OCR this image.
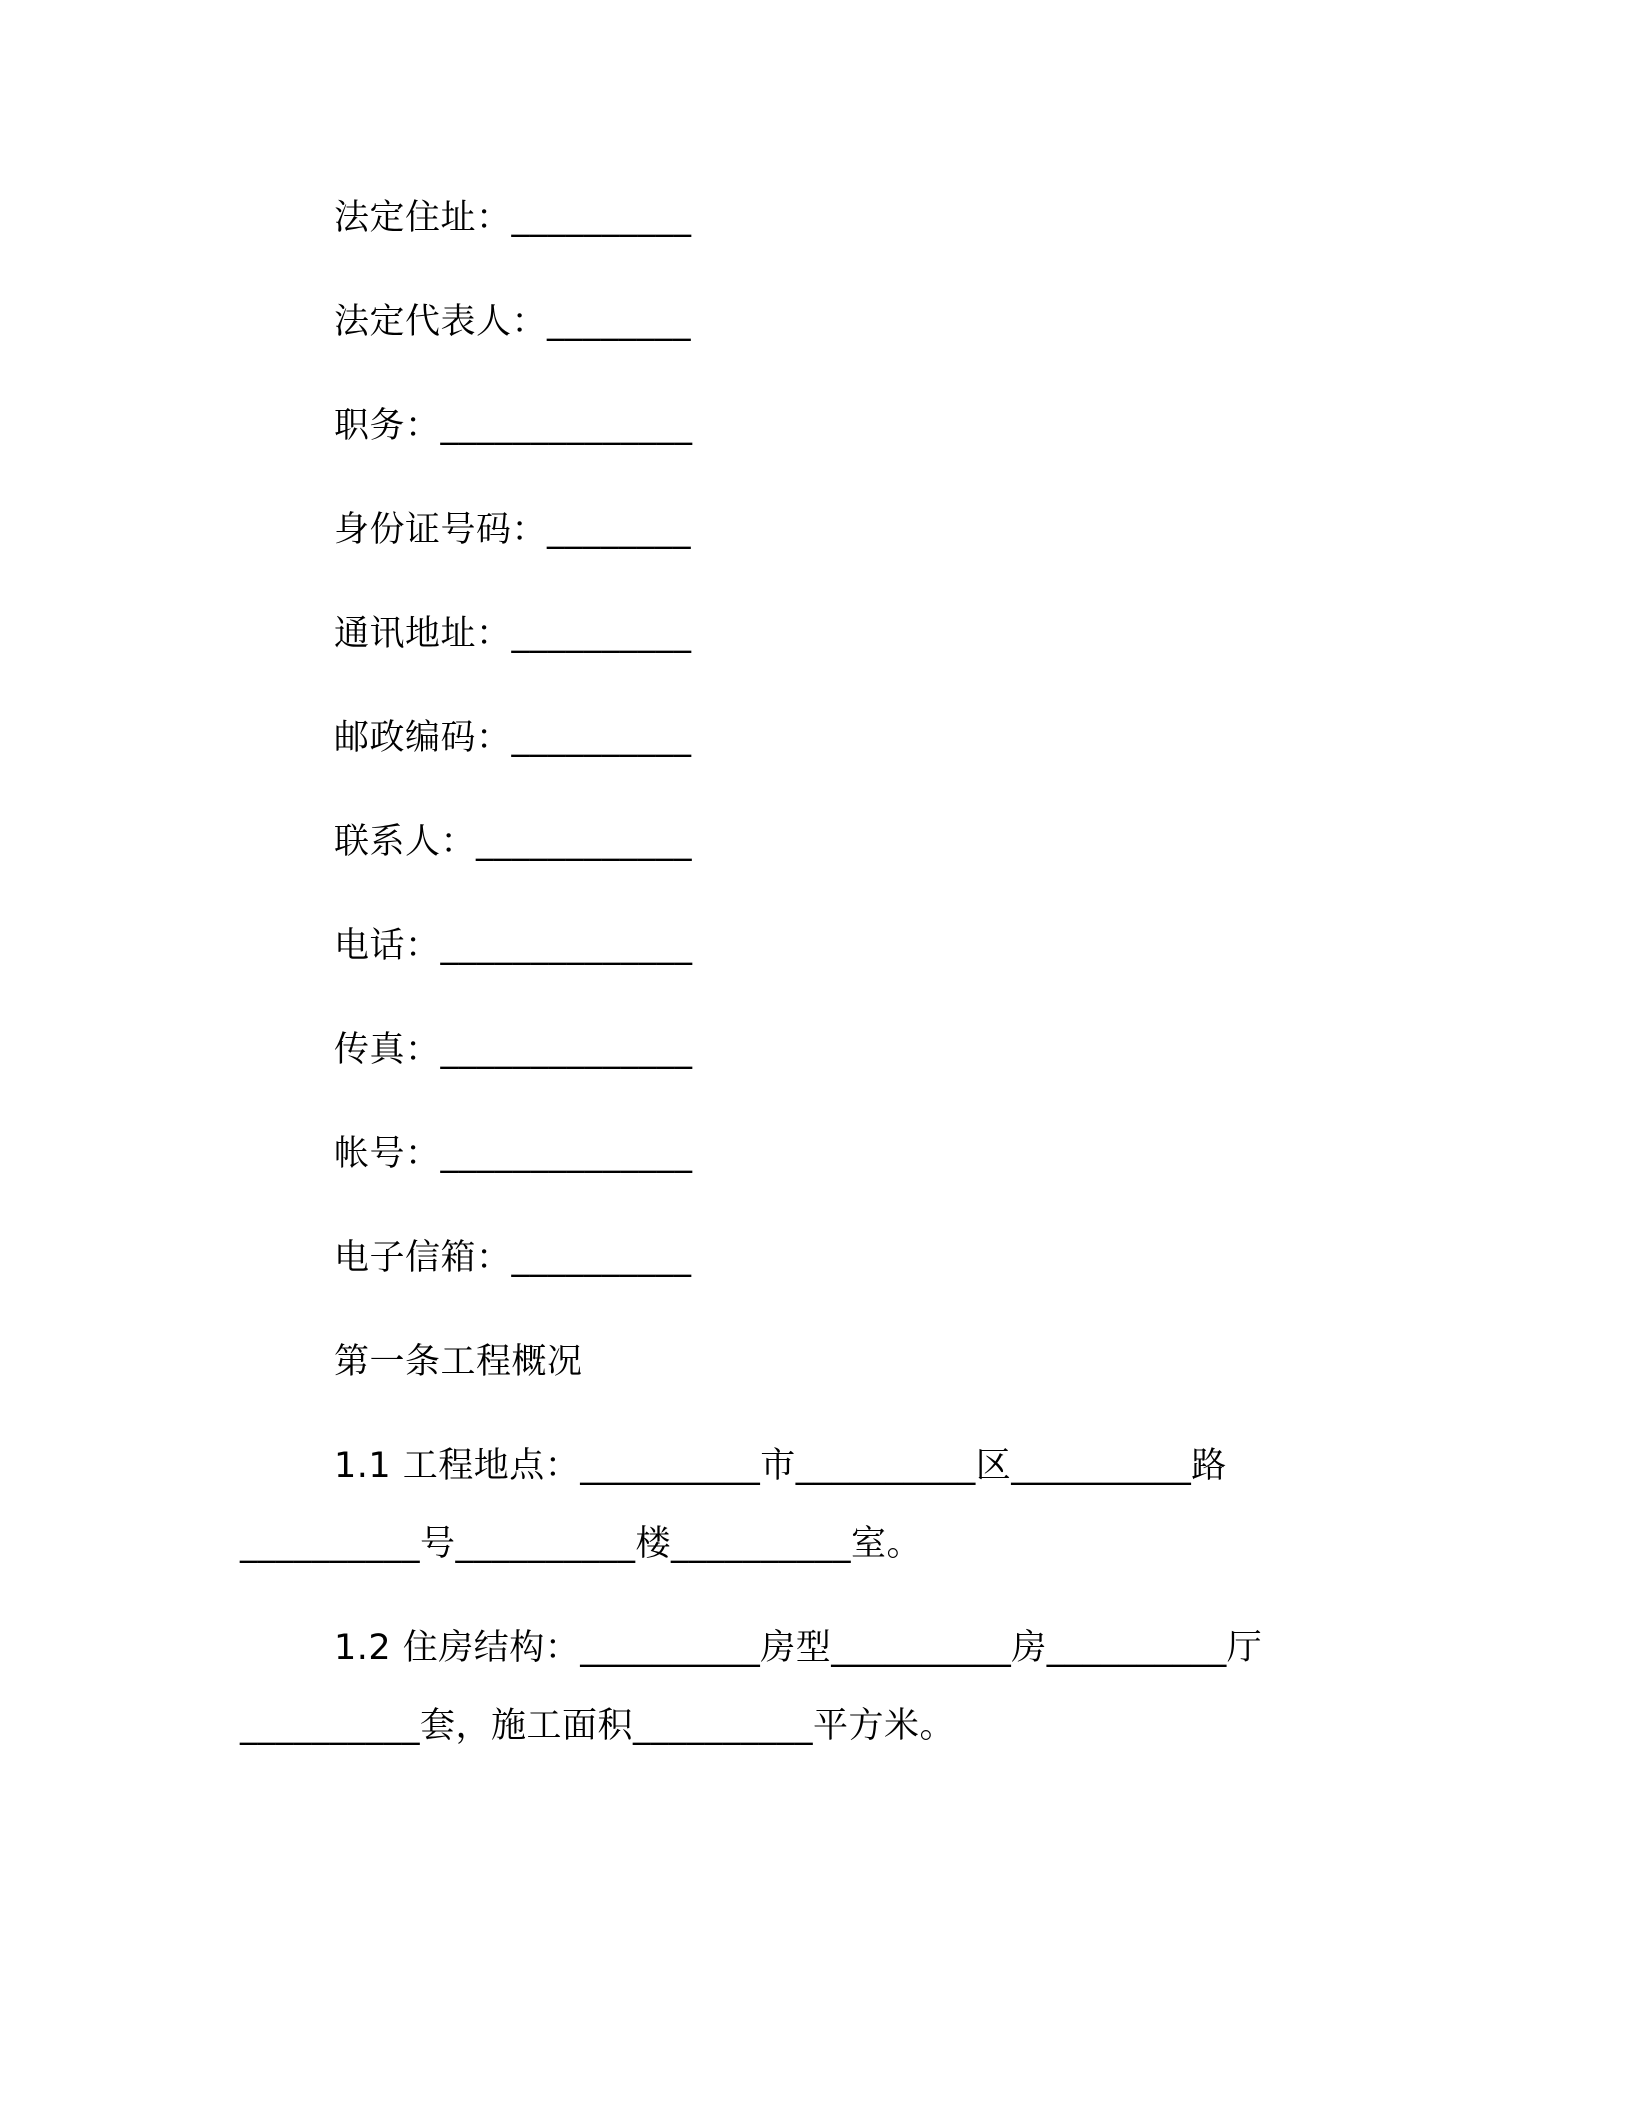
法定住址：__________
法定代表人：________
职务：______________
身份证号码：________
通讯地址：__________
邮政编码：__________
联系人：____________
电话：______________
传真：______________
帐号：______________
电子信箱：__________
第一条工程概况
1.1 工程地点：__________市__________区__________路
__________号__________楼__________室。
1.2 住房结构：__________房型__________房__________厅
__________套，施工面积__________平方米。
